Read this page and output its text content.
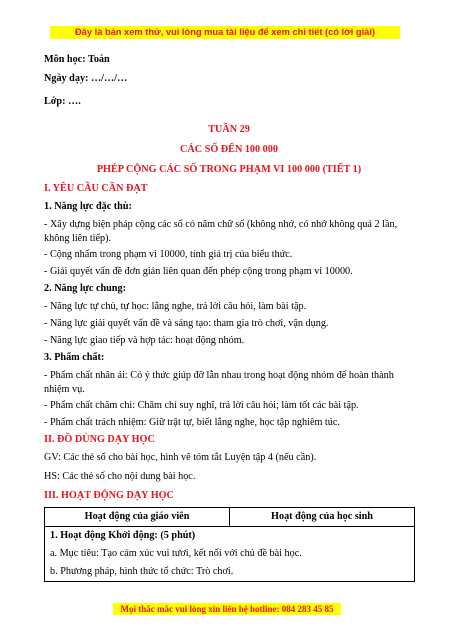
Đây là bản xem thử, vui lòng mua tài liệu để xem chi tiết (có lời giải)

Môn học: Toán

Ngày dạy: …/…/…

Lớp: ….

TUẦN 29

CÁC SỐ ĐẾN 100 000

PHÉP CỘNG CÁC SỐ TRONG PHẠM VI 100 000 (TIẾT 1)

I. YÊU CẦU CẦN ĐẠT

1. Năng lực đặc thù:

- Xây dựng biện pháp cộng các số có năm chữ số (không nhớ, có nhớ không quá 2 lần, không liên tiếp).

- Cộng nhẩm trong phạm vi 10000, tính giá trị của biểu thức.

- Giải quyết vấn đề đơn giản liên quan đến phép cộng trong phạm vi 10000.

2. Năng lực chung:

- Năng lực tự chủ, tự học: lắng nghe, trả lời câu hỏi, làm bài tập.

- Năng lực giải quyết vấn đề và sáng tạo: tham gia trò chơi, vận dụng.

- Năng lực giao tiếp và hợp tác: hoạt động nhóm.

3. Phẩm chất:

- Phẩm chất nhân ái: Có ý thức giúp đỡ lẫn nhau trong hoạt động nhóm để hoàn thành nhiệm vụ.

- Phẩm chất chăm chỉ: Chăm chỉ suy nghĩ, trả lời câu hỏi; làm tốt các bài tập.

- Phẩm chất trách nhiệm: Giữ trật tự, biết lắng nghe, học tập nghiêm túc.

II. ĐỒ DÙNG DẠY HỌC

GV: Các thẻ số cho bài học, hình vẽ tóm tắt Luyện tập 4 (nếu cần).

HS: Các thẻ số cho nội dung bài học.

III. HOẠT ĐỘNG DẠY HỌC

Hoạt động của giáo viên	Hoạt động của học sinh

1. Hoạt động Khởi động: (5 phút)
a. Mục tiêu: Tạo cảm xúc vui tươi, kết nối với chủ đề bài học.
b. Phương pháp, hình thức tổ chức: Trò chơi.
Mọi thắc mắc vui lòng xin liên hệ hotline: 084 283 45 85
